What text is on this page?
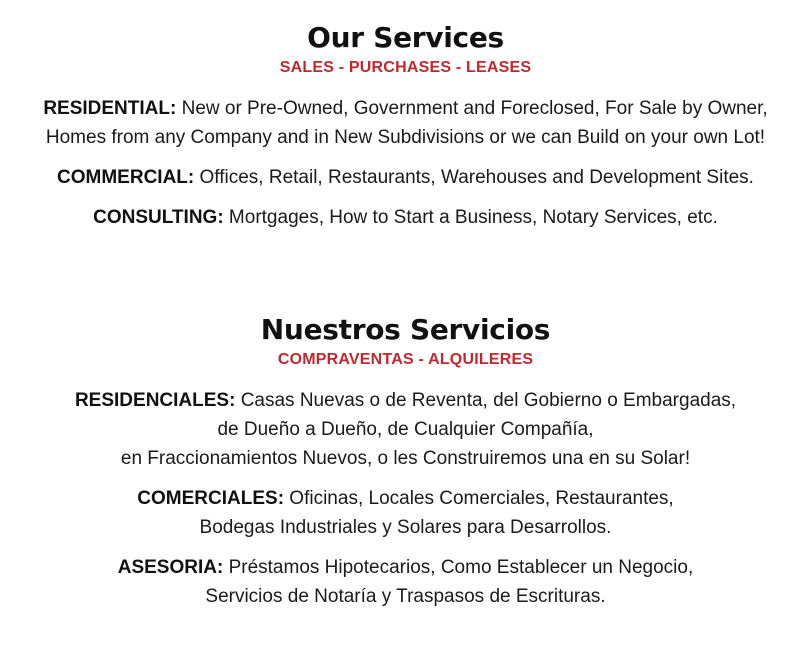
Our Services

SALES - PURCHASES - LEASES

RESIDENTIAL: New or Pre-Owned, Government and Foreclosed, For Sale by Owner,
Homes from any Company and in New Subdivisions or we can Build on your own Lot!

COMMERCIAL: Offices, Retail, Restaurants, Warehouses and Development Sites.

CONSULTING: Mortgages, How to Start a Business, Notary Services, etc.

Nuestros Servicios

COMPRAVENTAS - ALQUILERES

RESIDENCIALES: Casas Nuevas o de Reventa, del Gobierno o Embargadas,
de Dueño a Dueño, de Cualquier Compañía,
en Fraccionamientos Nuevos, o les Construiremos una en su Solar!

COMERCIALES: Oficinas, Locales Comerciales, Restaurantes,
Bodegas Industriales y Solares para Desarrollos.

ASESORIA: Préstamos Hipotecarios, Como Establecer un Negocio,
Servicios de Notaría y Traspasos de Escrituras.
